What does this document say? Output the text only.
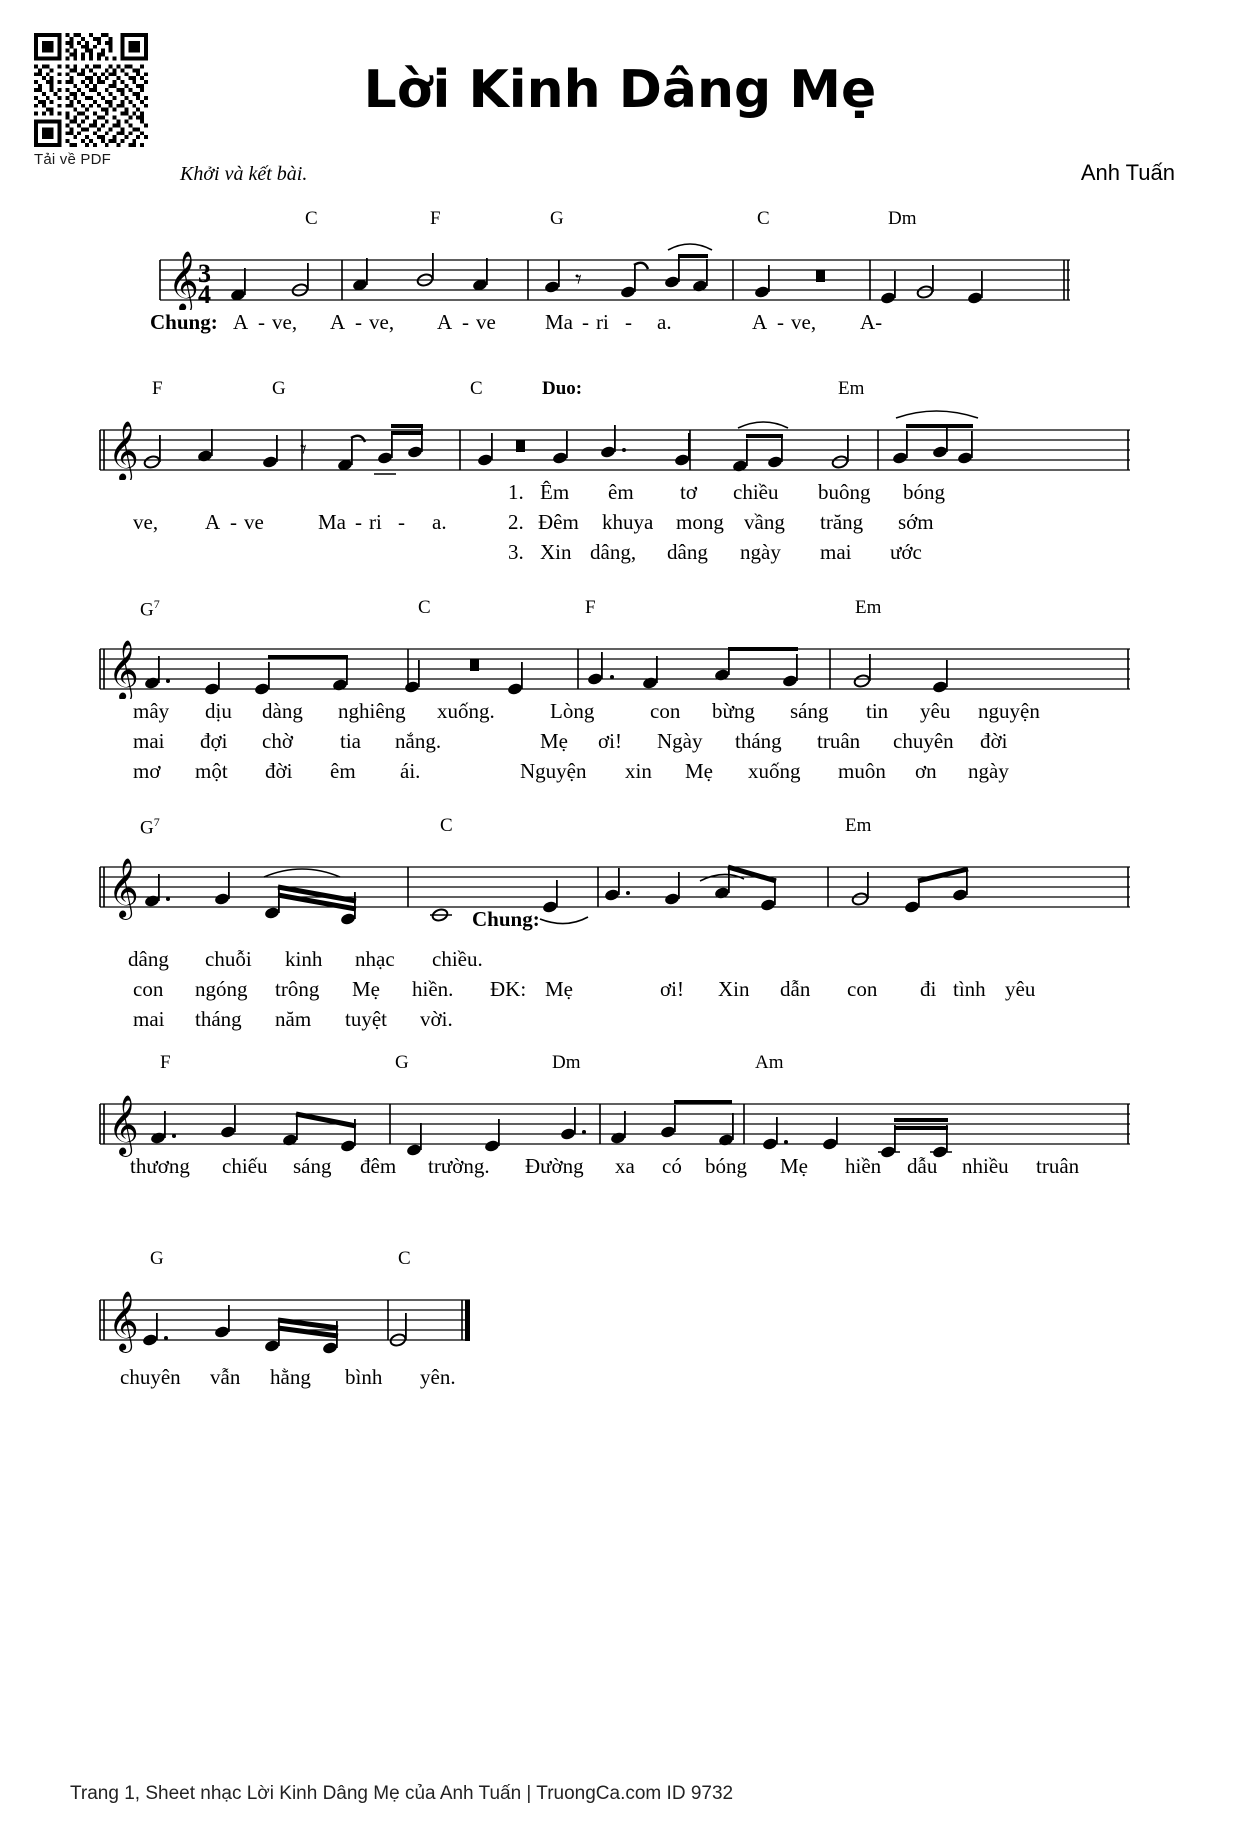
Tải về PDF
Lời Kinh Dâng Mẹ
Khởi và kết bài.	Anh Tuấn
C	F	G	C	Dm
𝄞 3
4	𝄾
Chung: A - ve, A - ve, A - ve Ma - ri - a.	A - ve, A-
F	G	C	Duo:	Em
𝄞	𝄾
1. Êm êm tơ chiều buông bóng
ve, A - ve	Ma - ri - a.	2. Đêm khuya mong vầng trăng sớm
3. Xin dâng, dâng ngày mai ước
$G^7$	C	F	Em
𝄞
mây dịu dàng nghiêng xuống.	Lòng	con bừng sáng tin yêu nguyện
mai đợi chờ tia nắng.	Mẹ ơi! Ngày tháng truân chuyên đời
mơ một đời êm ái.	Nguyện xin Mẹ xuống muôn ơn ngày
$G^7$	C	Em
𝄞
Chung:
dâng chuỗi kinh nhạc chiều.
con ngóng trông Mẹ hiền. ĐK: Mẹ	ơi! Xin dẫn con đi tình yêu
mai tháng năm tuyệt vời.
F	G	Dm	Am
𝄞
thương chiếu sáng đêm trường. Đường xa có bóng Mẹ hiền dẫu nhiều truân
G	C
𝄞
chuyên vẫn hằng bình yên.
Trang 1, Sheet nhạc Lời Kinh Dâng Mẹ của Anh Tuấn | TruongCa.com ID 9732
